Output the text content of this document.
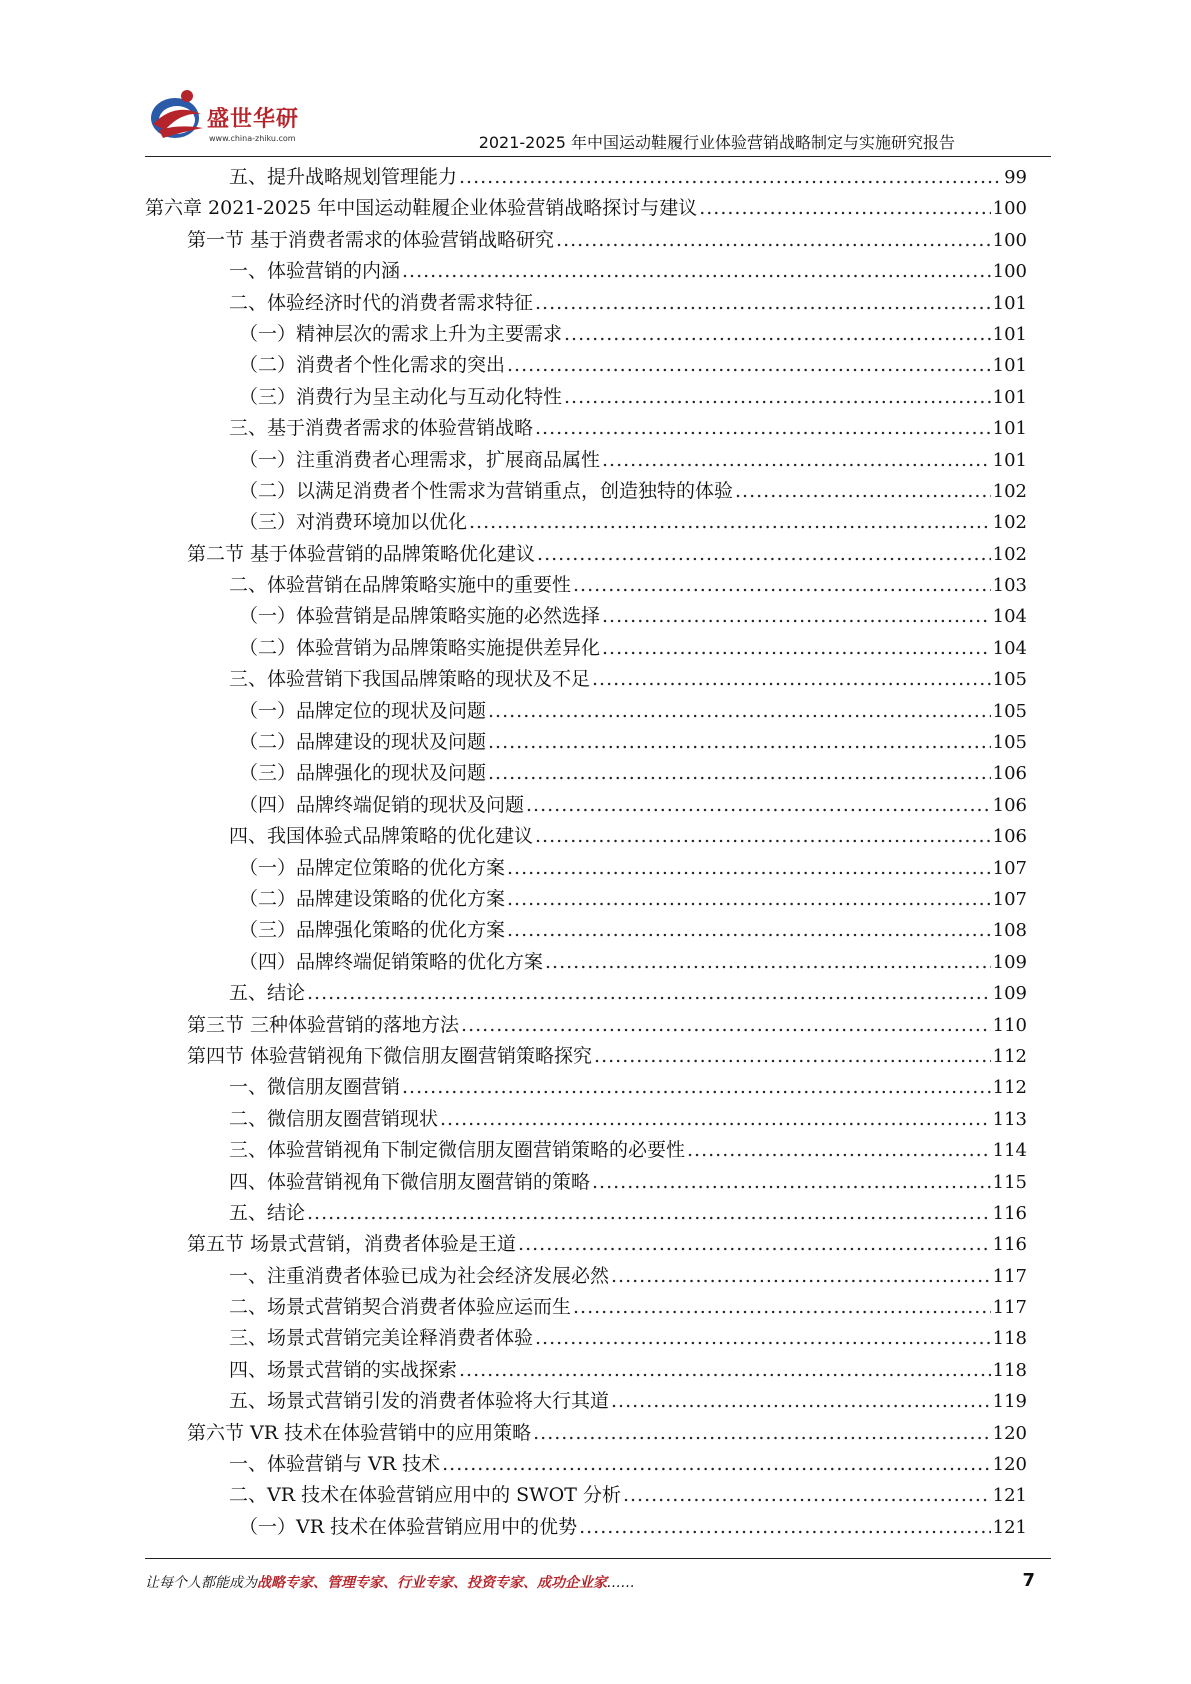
盛世华研
www.china-zhiku.com	2021-2025 年中国运动鞋履行业体验营销战略制定与实施研究报告
五、提升战略规划管理能力 .....	99
第六章 2021-2025 年中国运动鞋履企业体验营销战略探讨与建议 .....	100
第一节 基于消费者需求的体验营销战略研究 .....	100
一、体验营销的内涵 .....	100
二、体验经济时代的消费者需求特征 .....	101
（一）精神层次的需求上升为主要需求 .....	101
（二）消费者个性化需求的突出 .....	101
（三）消费行为呈主动化与互动化特性 .....	101
三、基于消费者需求的体验营销战略 .....	101
（一）注重消费者心理需求，扩展商品属性 .....	101
（二）以满足消费者个性需求为营销重点，创造独特的体验 .....	102
（三）对消费环境加以优化 .....	102
第二节 基于体验营销的品牌策略优化建议 .....	102
二、体验营销在品牌策略实施中的重要性 .....	103
（一）体验营销是品牌策略实施的必然选择 .....	104
（二）体验营销为品牌策略实施提供差异化 .....	104
三、体验营销下我国品牌策略的现状及不足 .....	105
（一）品牌定位的现状及问题 .....	105
（二）品牌建设的现状及问题 .....	105
（三）品牌强化的现状及问题 .....	106
（四）品牌终端促销的现状及问题 .....	106
四、我国体验式品牌策略的优化建议 .....	106
（一）品牌定位策略的优化方案 .....	107
（二）品牌建设策略的优化方案 .....	107
（三）品牌强化策略的优化方案 .....	108
（四）品牌终端促销策略的优化方案 .....	109
五、结论 .....	109
第三节 三种体验营销的落地方法 .....	110
第四节 体验营销视角下微信朋友圈营销策略探究 .....	112
一、微信朋友圈营销 .....	112
二、微信朋友圈营销现状 .....	113
三、体验营销视角下制定微信朋友圈营销策略的必要性 .....	114
四、体验营销视角下微信朋友圈营销的策略 .....	115
五、结论 .....	116
第五节 场景式营销，消费者体验是王道 .....	116
一、注重消费者体验已成为社会经济发展必然 .....	117
二、场景式营销契合消费者体验应运而生 .....	117
三、场景式营销完美诠释消费者体验 .....	118
四、场景式营销的实战探索 .....	118
五、场景式营销引发的消费者体验将大行其道 .....	119
第六节 VR 技术在体验营销中的应用策略 .....	120
一、体验营销与 VR 技术 .....	120
二、VR 技术在体验营销应用中的 SWOT 分析 .....	121
（一）VR 技术在体验营销应用中的优势 .....	121
让每个人都能成为战略专家、管理专家、行业专家、投资专家、成功企业家……	7
